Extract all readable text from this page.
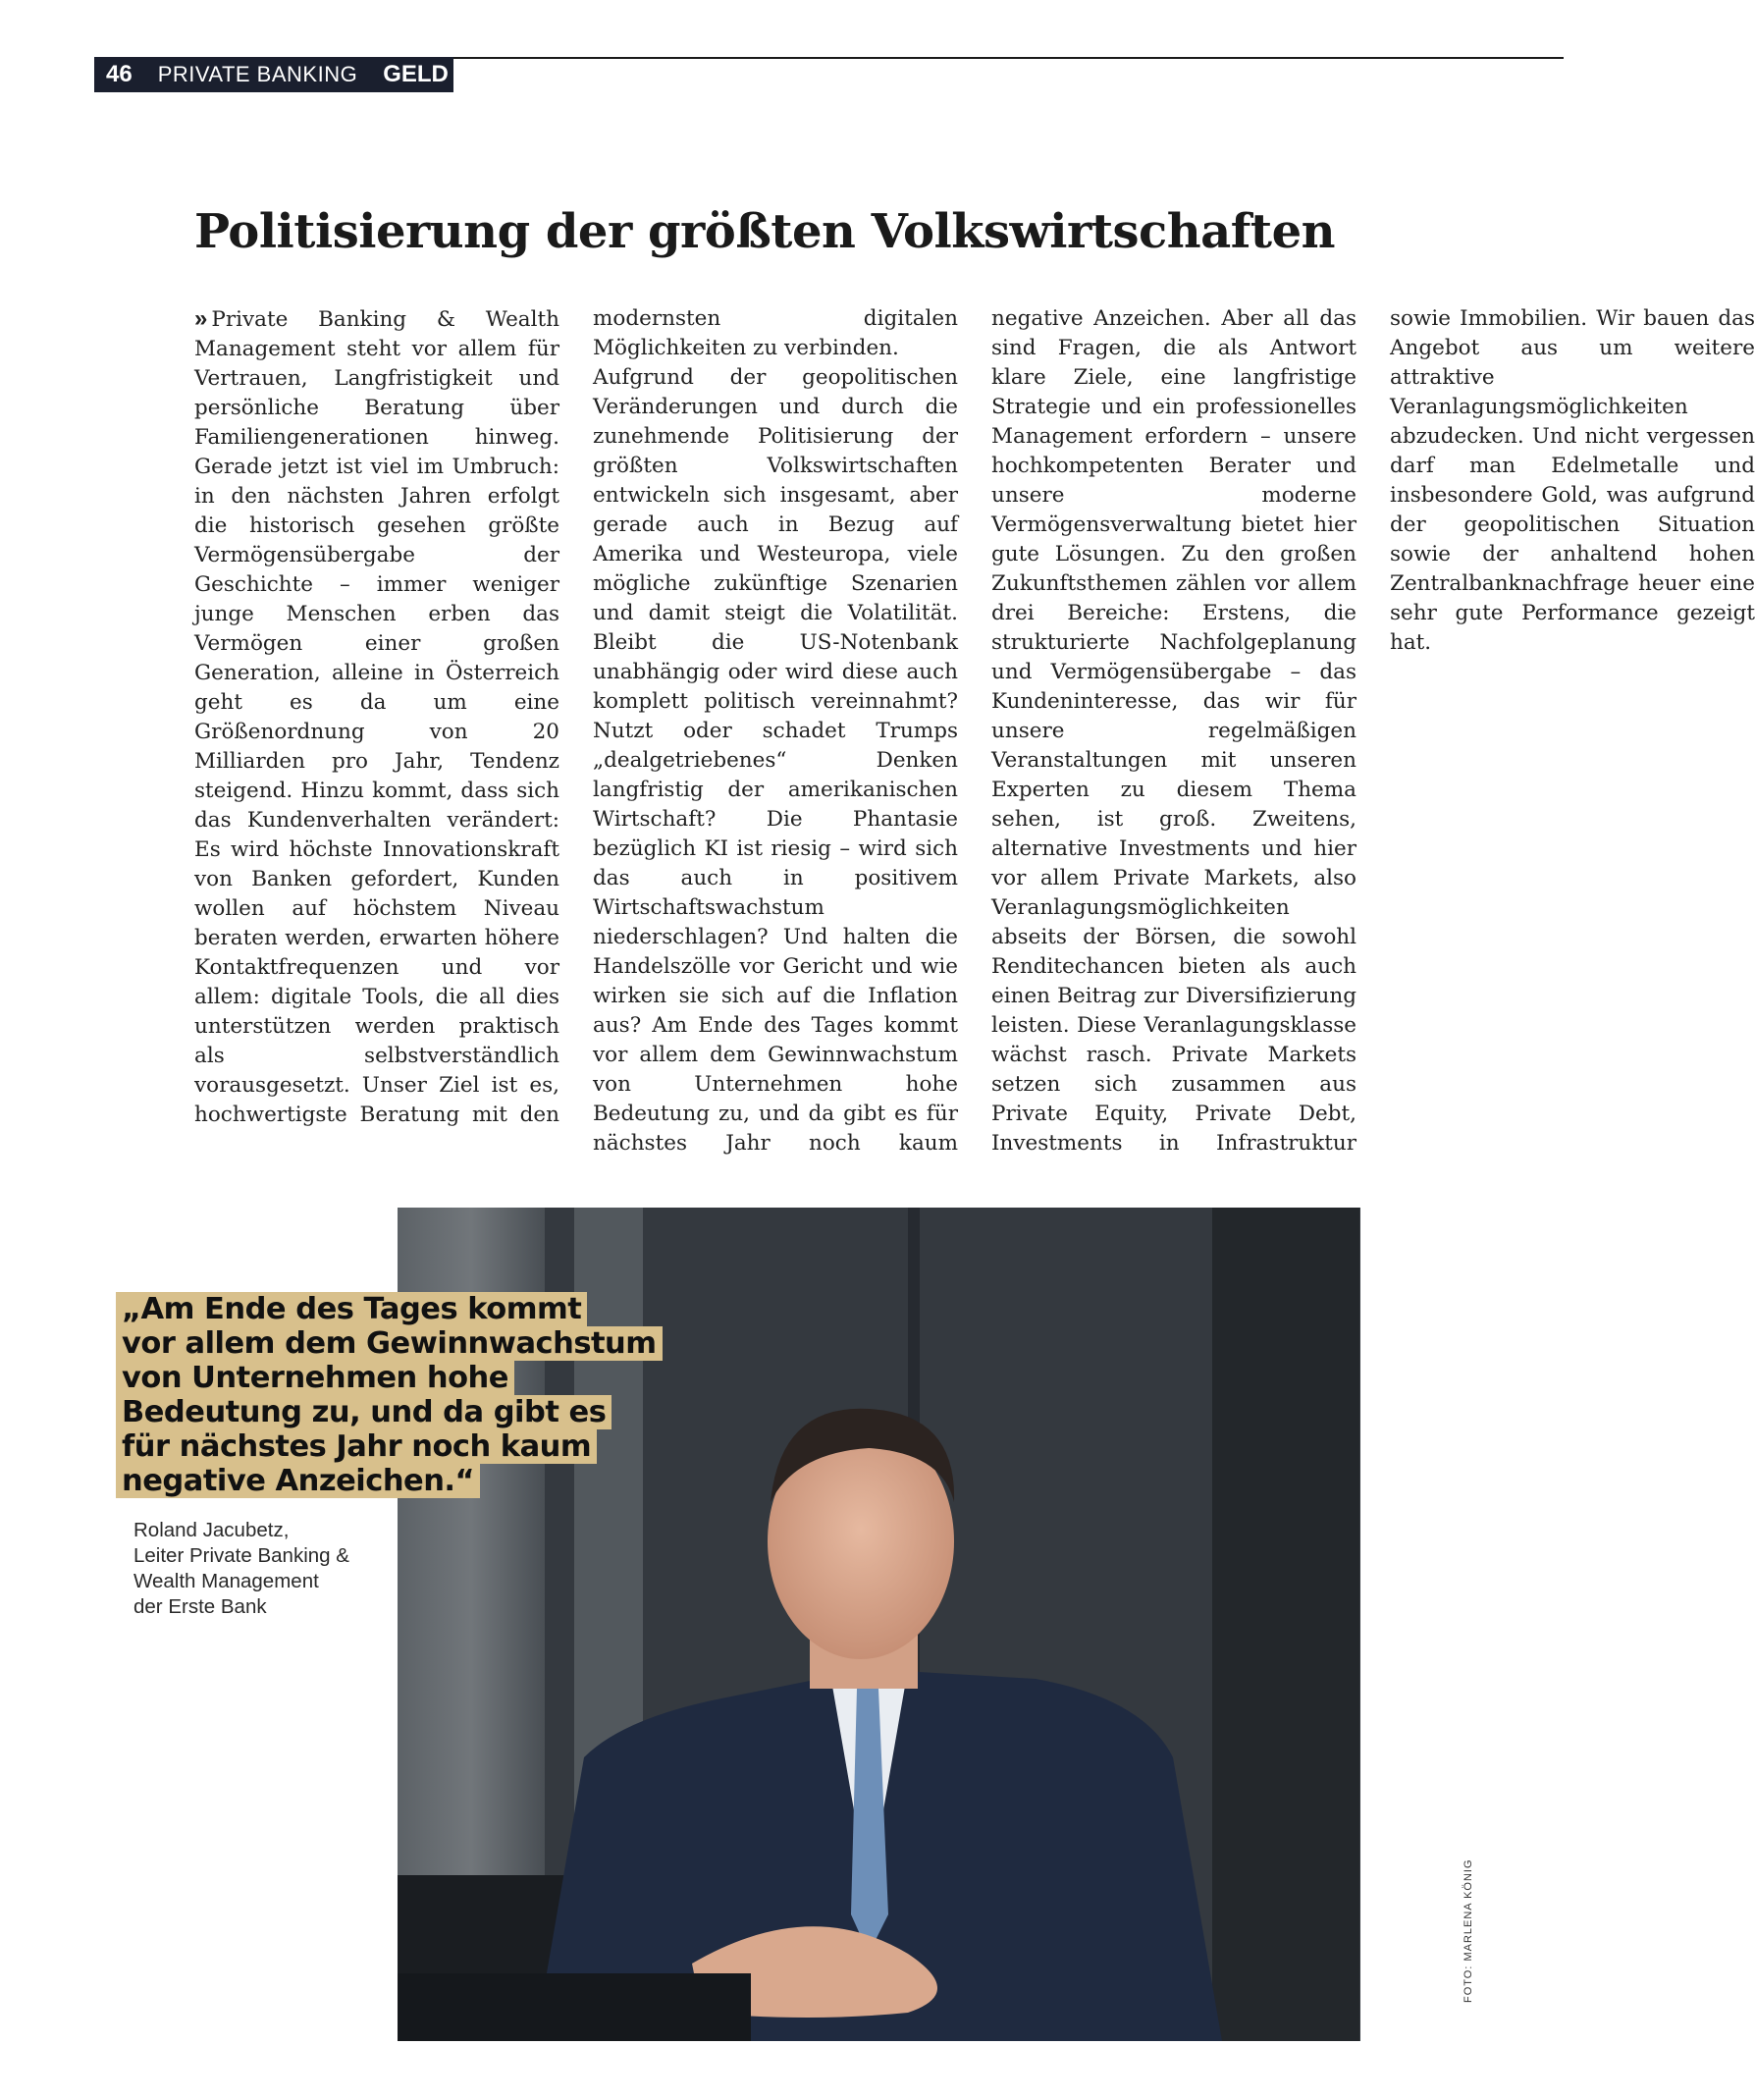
46 PRIVATE BANKING GELD
Politisierung der größten Volkswirtschaften

» Private Banking & Wealth Management steht vor allem für Vertrauen, Langfristigkeit und persönliche Beratung über Familiengenerationen hinweg. Gerade jetzt ist viel im Umbruch: in den nächsten Jahren erfolgt die historisch gesehen größte Vermögensübergabe der Geschichte – immer weniger junge Menschen erben das Vermögen einer großen Generation, alleine in Österreich geht es da um eine Größenordnung von 20 Milliarden pro Jahr, Tendenz steigend. Hinzu kommt, dass sich das Kundenverhalten verändert: Es wird höchste Innovationskraft von Banken gefordert, Kunden wollen auf höchstem Niveau beraten werden, erwarten höhere Kontaktfrequenzen und vor allem: digitale Tools, die all dies unterstützen werden praktisch als selbstverständlich vorausgesetzt. Unser Ziel ist es, hochwertigste Beratung mit den modernsten digitalen Möglichkeiten zu verbinden.

Aufgrund der geopolitischen Veränderungen und durch die zunehmende Politisierung der größten Volkswirtschaften entwickeln sich insgesamt, aber gerade auch in Bezug auf Amerika und Westeuropa, viele mögliche zukünftige Szenarien und damit steigt die Volatilität. Bleibt die US-Notenbank unabhängig oder wird diese auch komplett politisch vereinnahmt? Nutzt oder schadet Trumps „dealgetriebenes“ Denken langfristig der amerikanischen Wirtschaft? Die Phantasie bezüglich KI ist riesig – wird sich das auch in positivem Wirtschaftswachstum niederschlagen? Und halten die Handelszölle vor Gericht und wie wirken sie sich auf die Inflation aus? Am Ende des Tages kommt vor allem dem Gewinnwachstum von Unternehmen hohe Bedeutung zu, und da gibt es für nächstes Jahr noch kaum negative Anzeichen. Aber all das sind Fragen, die als Antwort klare Ziele, eine langfristige Strategie und ein professionelles Management erfordern – unsere hochkompetenten Berater und unsere moderne Vermögensverwaltung bietet hier gute Lösungen. Zu den großen Zukunftsthemen zählen vor allem drei Bereiche: Erstens, die strukturierte Nachfolgeplanung und Vermögensübergabe – das Kundeninteresse, das wir für unsere regelmäßigen Veranstaltungen mit unseren Experten zu diesem Thema sehen, ist groß. Zweitens, alternative Investments und hier vor allem Private Markets, also Veranlagungsmöglichkeiten abseits der Börsen, die sowohl Renditechancen bieten als auch einen Beitrag zur Diversifizierung leisten. Diese Veranlagungsklasse wächst rasch. Private Markets setzen sich zusammen aus Private Equity, Private Debt, Investments in Infrastruktur sowie Immobilien. Wir bauen das Angebot aus um weitere attraktive Veranlagungsmöglichkeiten abzudecken. Und nicht vergessen darf man Edelmetalle und insbesondere Gold, was aufgrund der geopolitischen Situation sowie der anhaltend hohen Zentralbanknachfrage heuer eine sehr gute Performance gezeigt hat.

„Am Ende des Tages kommt
vor allem dem Gewinnwachstum
von Unternehmen hohe
Bedeutung zu, und da gibt es
für nächstes Jahr noch kaum
negative Anzeichen.“
Roland Jacubetz,
Leiter Private Banking &
Wealth Management
der Erste Bank
FOTO: MARLENA KÖNIG
